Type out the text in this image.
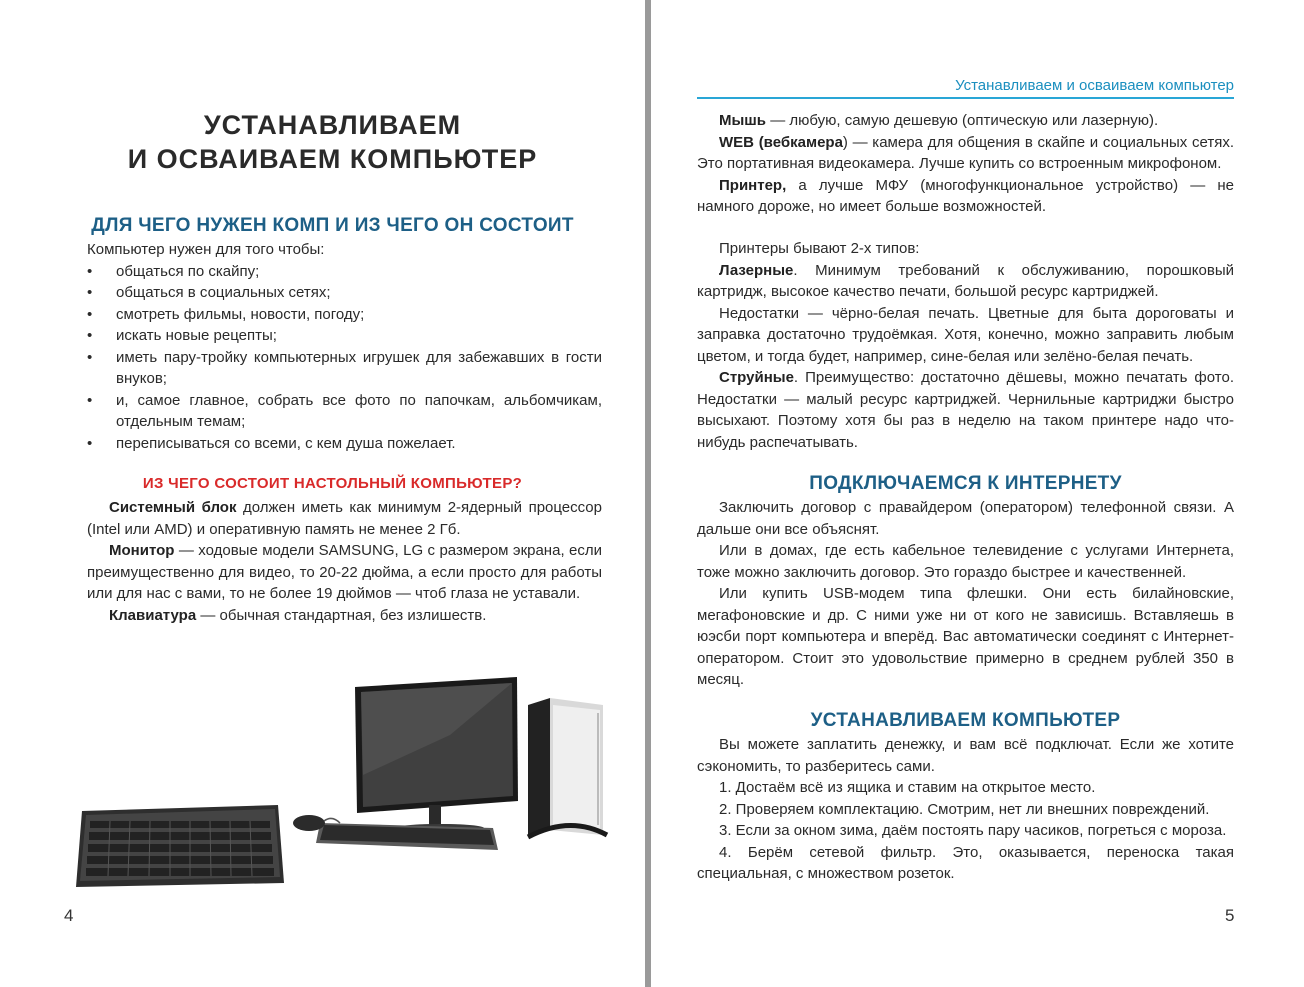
УСТАНАВЛИВАЕМ
И ОСВАИВАЕМ КОМПЬЮТЕР
ДЛЯ ЧЕГО НУЖЕН КОМП И ИЗ ЧЕГО ОН СОСТОИТ

Компьютер нужен для того чтобы:

• общаться по скайпу;
• общаться в социальных сетях;
• смотреть фильмы, новости, погоду;
• искать новые рецепты;
• иметь пару-тройку компьютерных игрушек для забежавших в гости внуков;
• и, самое главное, собрать все фото по папочкам, альбомчикам, отдельным темам;
• переписываться со всеми, с кем душа пожелает.
ИЗ ЧЕГО СОСТОИТ НАСТОЛЬНЫЙ КОМПЬЮТЕР?

Системный блок должен иметь как минимум 2-ядерный процессор (Intel или AMD) и оперативную память не менее 2 Гб.

Монитор — ходовые модели SAMSUNG, LG с размером экрана, если преимущественно для видео, то 20-22 дюйма, а если просто для работы или для нас с вами, то не более 19 дюймов — чтоб глаза не уставали.

Клавиатура — обычная стандартная, без излишеств.

4
Устанавливаем и осваиваем компьютер

Мышь — любую, самую дешевую (оптическую или лазерную).

WEB (вебкамера) — камера для общения в скайпе и социальных сетях. Это портативная видеокамера. Лучше купить со встроенным микрофоном.

Принтер, а лучше МФУ (многофункциональное устройство) — не намного дороже, но имеет больше возможностей.

Принтеры бывают 2-х типов:

Лазерные. Минимум требований к обслуживанию, порошковый картридж, высокое качество печати, большой ресурс картриджей.

Недостатки — чёрно-белая печать. Цветные для быта дороговаты и заправка достаточно трудоёмкая. Хотя, конечно, можно заправить любым цветом, и тогда будет, например, сине-белая или зелёно-белая печать.

Струйные. Преимущество: достаточно дёшевы, можно печатать фото. Недостатки — малый ресурс картриджей. Чернильные картриджи быстро высыхают. Поэтому хотя бы раз в неделю на таком принтере надо что-нибудь распечатывать.

ПОДКЛЮЧАЕМСЯ К ИНТЕРНЕТУ

Заключить договор с правайдером (оператором) телефонной связи. А дальше они все объяснят.

Или в домах, где есть кабельное телевидение с услугами Интернета, тоже можно заключить договор. Это гораздо быстрее и качественней.

Или купить USB-модем типа флешки. Они есть билайновские, мегафоновские и др. С ними уже ни от кого не зависишь. Вставляешь в юэсби порт компьютера и вперёд. Вас автоматически соединят с Интернет-оператором. Стоит это удовольствие примерно в среднем рублей 350 в месяц.

УСТАНАВЛИВАЕМ КОМПЬЮТЕР

Вы можете заплатить денежку, и вам всё подключат. Если же хотите сэкономить, то разберитесь сами.

1. Достаём всё из ящика и ставим на открытое место.

2. Проверяем комплектацию. Смотрим, нет ли внешних повреждений.

3. Если за окном зима, даём постоять пару часиков, погреться с мороза.

4. Берём сетевой фильтр. Это, оказывается, переноска такая специальная, с множеством розеток.

5
